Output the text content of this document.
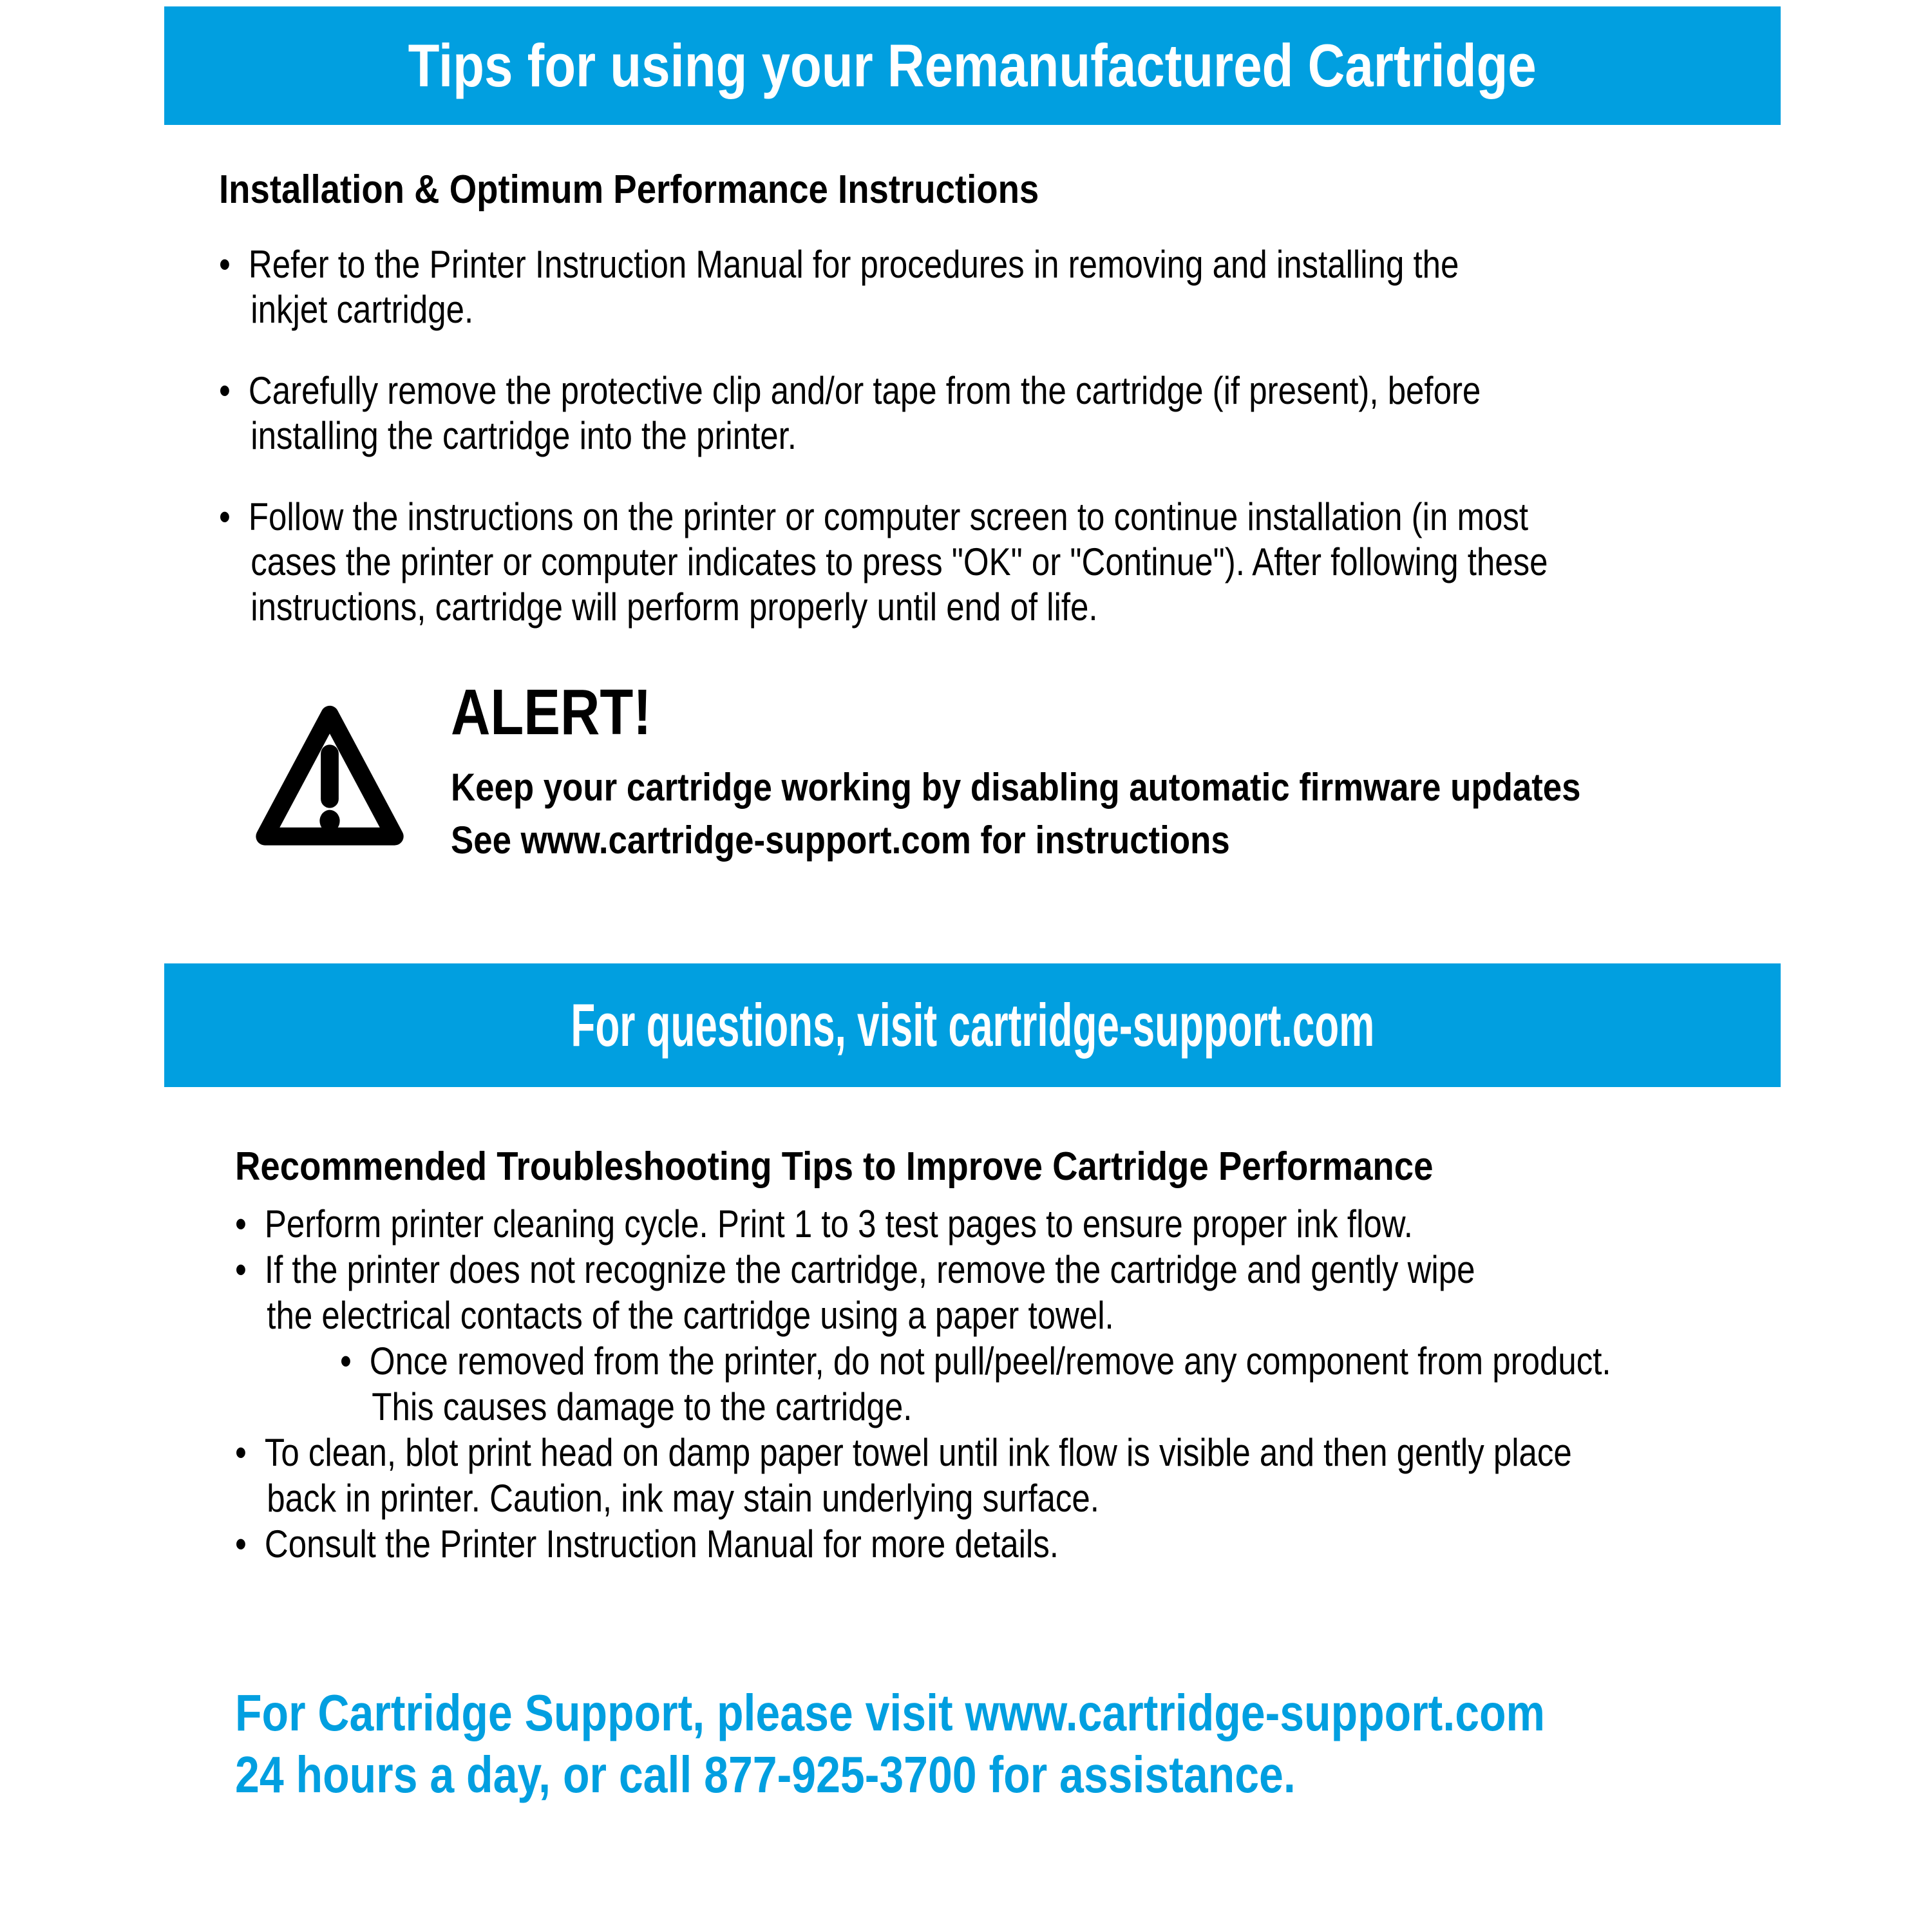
Tips for using your Remanufactured Cartridge
Installation & Optimum Performance Instructions
• Refer to the Printer Instruction Manual for procedures in removing and installing the
inkjet cartridge.
• Carefully remove the protective clip and/or tape from the cartridge (if present), before
installing the cartridge into the printer.
• Follow the instructions on the printer or computer screen to continue installation (in most
cases the printer or computer indicates to press "OK" or "Continue"). After following these
instructions, cartridge will perform properly until end of life.
ALERT!
Keep your cartridge working by disabling automatic firmware updates
See www.cartridge-support.com for instructions
For questions, visit cartridge-support.com
Recommended Troubleshooting Tips to Improve Cartridge Performance
• Perform printer cleaning cycle. Print 1 to 3 test pages to ensure proper ink flow.
• If the printer does not recognize the cartridge, remove the cartridge and gently wipe
the electrical contacts of the cartridge using a paper towel.
• Once removed from the printer, do not pull/peel/remove any component from product.
This causes damage to the cartridge.
• To clean, blot print head on damp paper towel until ink flow is visible and then gently place
back in printer. Caution, ink may stain underlying surface.
• Consult the Printer Instruction Manual for more details.
For Cartridge Support, please visit www.cartridge-support.com
24 hours a day, or call 877-925-3700 for assistance.
